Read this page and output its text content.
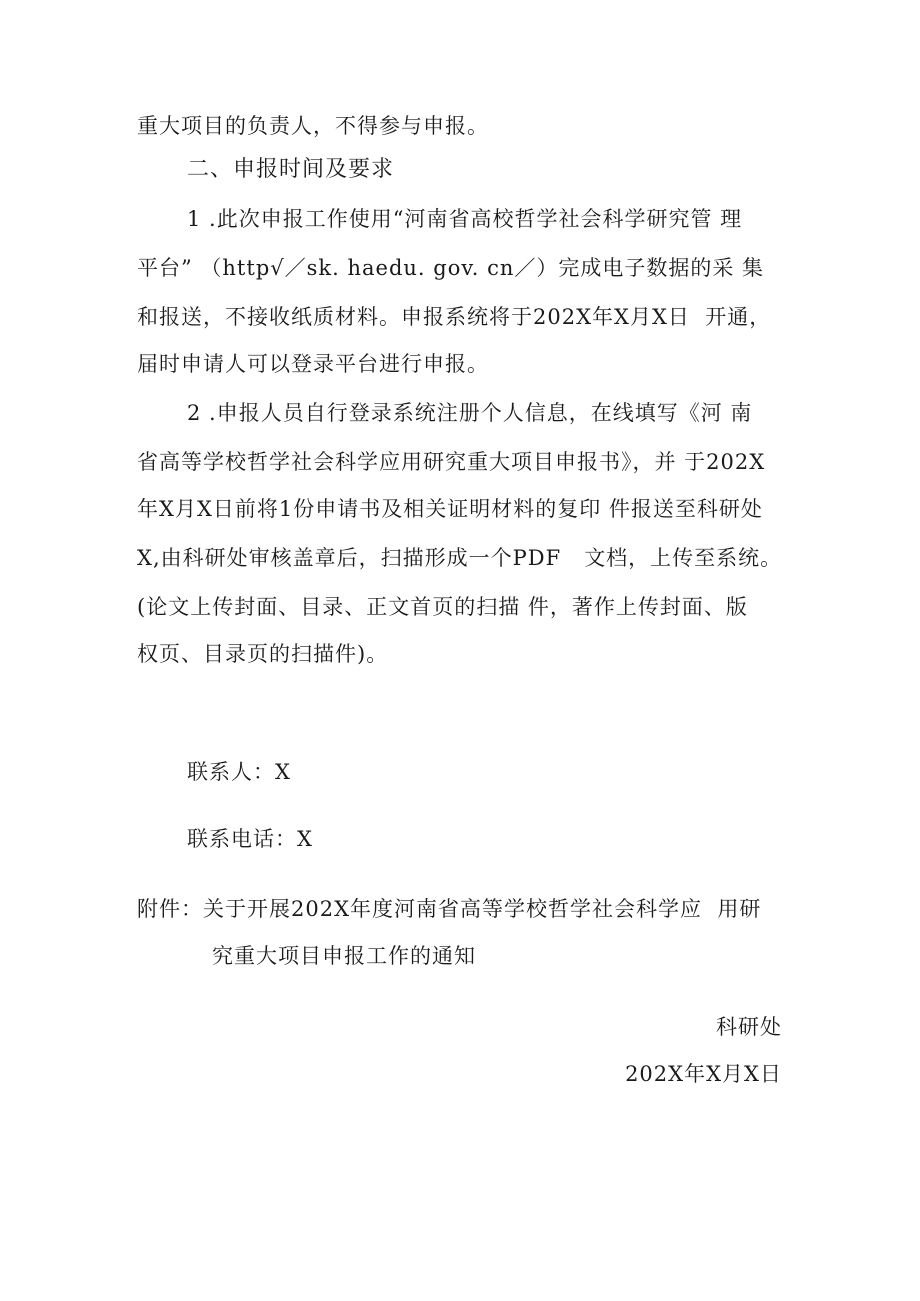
重大项目的负责人，不得参与申报。
二、申报时间及要求
1 .此次申报工作使用“河南省高校哲学社会科学研究管 理
平台” （http√／sk. haedu. gov. cn／）完成电子数据的采 集
和报送，不接收纸质材料。申报系统将于202X年X月X日  开通，
届时申请人可以登录平台进行申报。
2 .申报人员自行登录系统注册个人信息，在线填写《河 南
省高等学校哲学社会科学应用研究重大项目申报书》，并 于202X
年X月X日前将1份申请书及相关证明材料的复印 件报送至科研处
X,由科研处审核盖章后，扫描形成一个PDF   文档，上传至系统。
(论文上传封面、目录、正文首页的扫描 件，著作上传封面、版
权页、目录页的扫描件)。
联系人：X
联系电话：X
附件：关于开展202X年度河南省高等学校哲学社会科学应  用研
究重大项目申报工作的通知
科研处
202X年X月X日
